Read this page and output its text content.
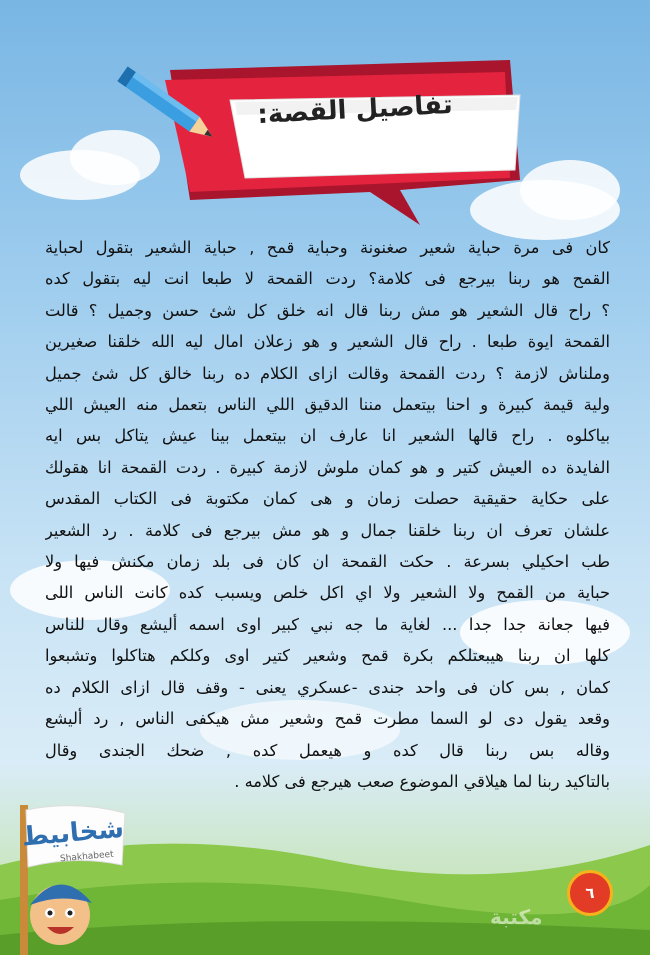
تفاصيل القصة:
كان فى مرة حباية شعير صغنونة وحباية قمح , حباية الشعير بتقول لحباية
القمح هو ربنا بيرجع فى كلامة؟ ردت القمحة لا طبعا انت ليه بتقول كده
؟ راح قال الشعير هو مش ربنا قال انه خلق كل شئ حسن وجميل ؟ قالت
القمحة ايوة طبعا . راح قال الشعير و هو زعلان امال ليه الله خلقنا صغيرين
وملناش لازمة ؟ ردت القمحة وقالت ازاى الكلام ده ربنا خالق كل شئ جميل
ولية قيمة كبيرة و احنا بيتعمل مننا الدقيق اللي الناس بتعمل منه العيش اللي
بياكلوه . راح قالها الشعير انا عارف ان بيتعمل بينا عيش يتاكل بس ايه
الفايدة ده العيش كتير و هو كمان ملوش لازمة كبيرة . ردت القمحة انا هقولك
على حكاية حقيقية حصلت زمان و هى كمان مكتوبة فى الكتاب المقدس
علشان تعرف ان ربنا خلقنا جمال و هو مش بيرجع فى كلامة . رد الشعير
طب احكيلي بسرعة . حكت القمحة ان كان فى بلد زمان مكنش فيها ولا
حباية من القمح ولا الشعير ولا اي اكل خلص ويسبب كده كانت الناس اللى
فيها جعانة جدا جدا ... لغاية ما جه نبي كبير اوى اسمه أليشع وقال للناس
كلها ان ربنا هيبعتلكم بكرة قمح وشعير كتير اوى وكلكم هتاكلوا وتشبعوا
كمان , بس كان فى واحد جندى -عسكري يعنى - وقف قال ازاى الكلام ده
وقعد يقول دى لو السما مطرت قمح وشعير مش هيكفى الناس , رد أليشع
وقاله بس ربنا قال كده و هيعمل كده , ضحك الجندى وقال
بالتاكيد ربنا لما هيلاقي الموضوع صعب هيرجع فى كلامه .
شخابيط
Shakhabeet
مكتبة
٦
